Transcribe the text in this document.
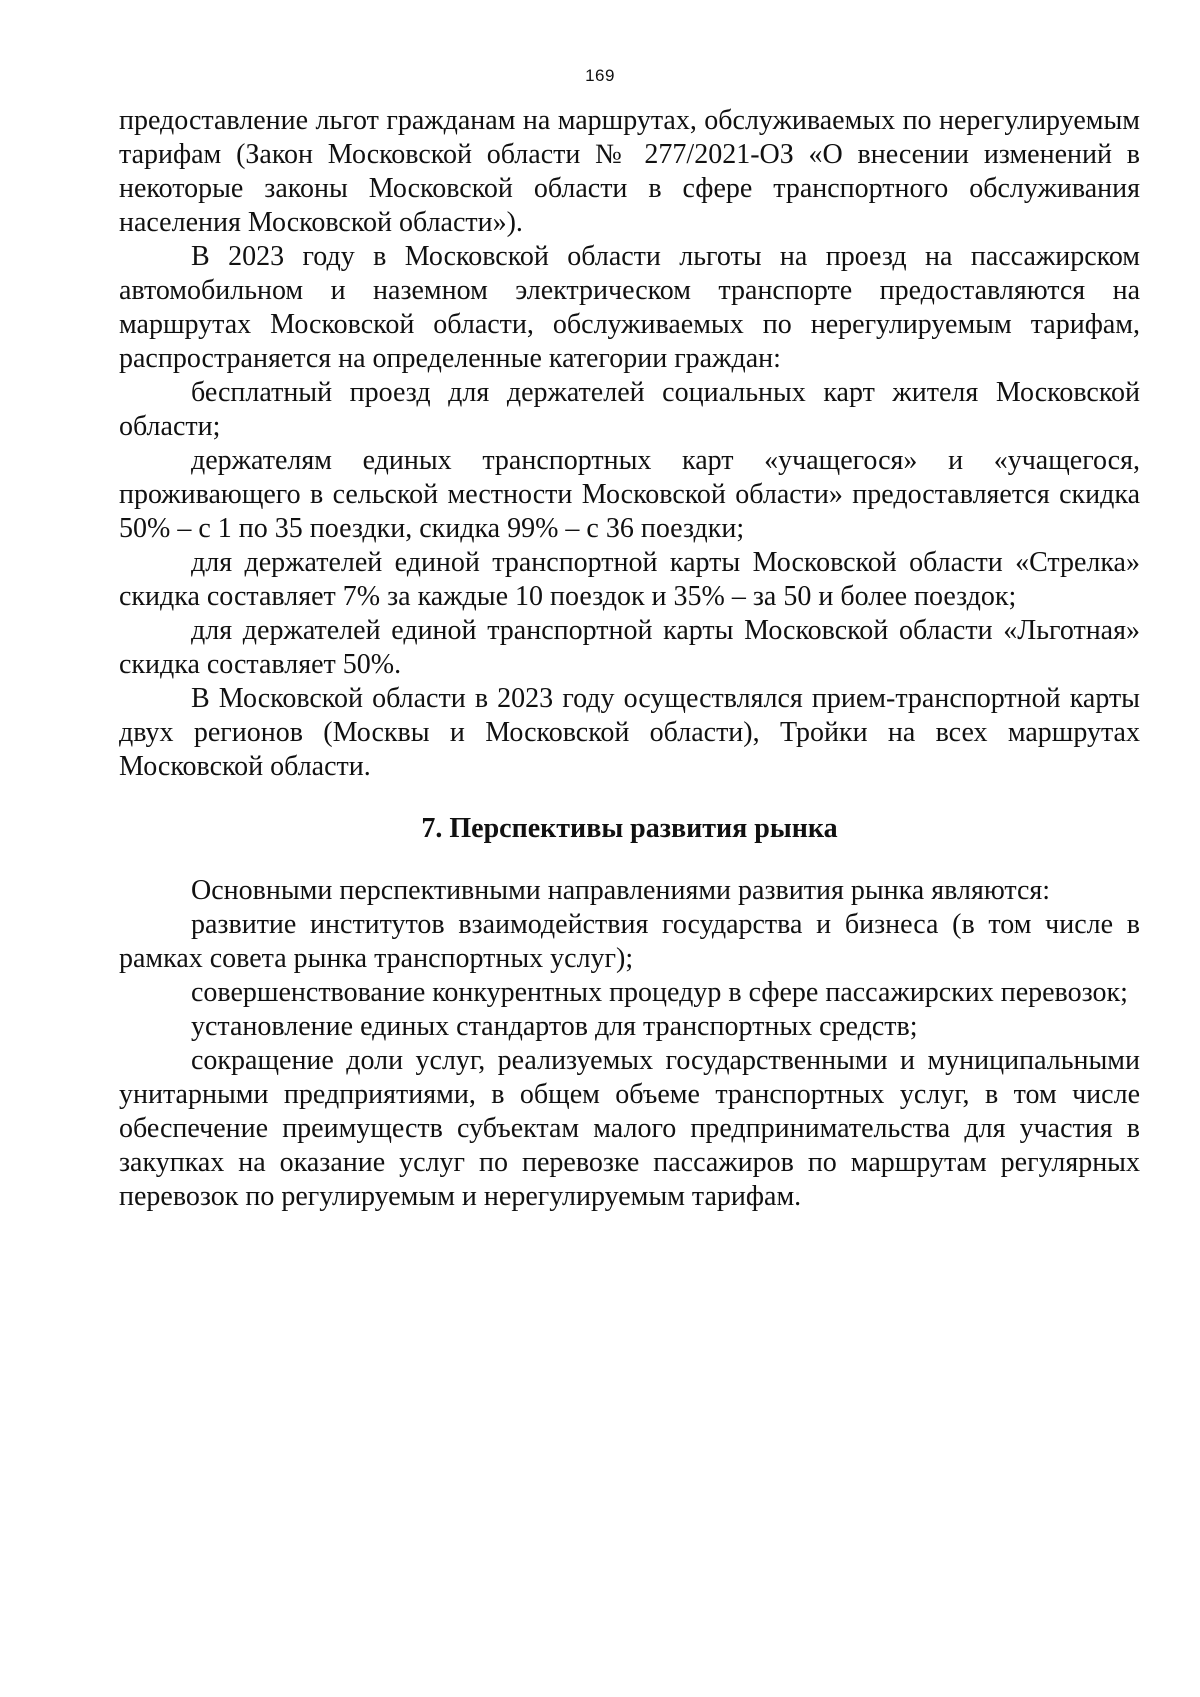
169

предоставление льгот гражданам на маршрутах, обслуживаемых по нерегулируемым тарифам (Закон Московской области № 277/2021-ОЗ «О внесении изменений в некоторые законы Московской области в сфере транспортного обслуживания населения Московской области»).

В 2023 году в Московской области льготы на проезд на пассажирском автомобильном и наземном электрическом транспорте предоставляются на маршрутах Московской области, обслуживаемых по нерегулируемым тарифам, распространяется на определенные категории граждан:

бесплатный проезд для держателей социальных карт жителя Московской области;

держателям единых транспортных карт «учащегося» и «учащегося, проживающего в сельской местности Московской области» предоставляется скидка 50% – с 1 по 35 поездки, скидка 99% – с 36 поездки;

для держателей единой транспортной карты Московской области «Стрелка» скидка составляет 7% за каждые 10 поездок и 35% – за 50 и более поездок;

для держателей единой транспортной карты Московской области «Льготная» скидка составляет 50%.

В Московской области в 2023 году осуществлялся прием-транспортной карты двух регионов (Москвы и Московской области), Тройки на всех маршрутах Московской области.

7. Перспективы развития рынка

Основными перспективными направлениями развития рынка являются:

развитие институтов взаимодействия государства и бизнеса (в том числе в рамках совета рынка транспортных услуг);

совершенствование конкурентных процедур в сфере пассажирских перевозок;

установление единых стандартов для транспортных средств;

сокращение доли услуг, реализуемых государственными и муниципальными унитарными предприятиями, в общем объеме транспортных услуг, в том числе обеспечение преимуществ субъектам малого предпринимательства для участия в закупках на оказание услуг по перевозке пассажиров по маршрутам регулярных перевозок по регулируемым и нерегулируемым тарифам.
